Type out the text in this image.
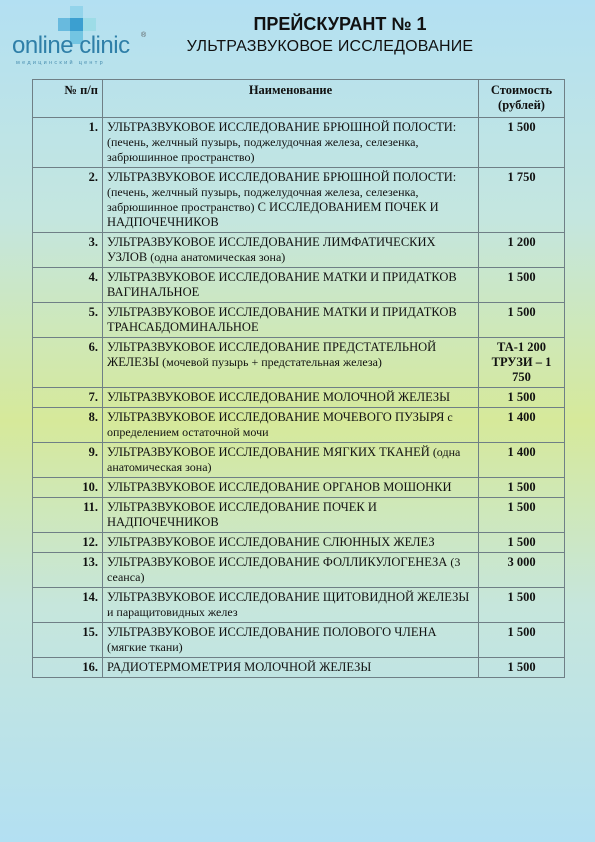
online clinic ®
медицинский центр
ПРЕЙСКУРАНТ № 1
УЛЬТРАЗВУКОВОЕ ИССЛЕДОВАНИЕ
№ п/п	Наименование	Стоимость (рублей)
1.	УЛЬТРАЗВУКОВОЕ ИССЛЕДОВАНИЕ БРЮШНОЙ ПОЛОСТИ:(печень, желчный пузырь, поджелудочная железа, селезенка, забрюшинное пространство)	1 500
2.	УЛЬТРАЗВУКОВОЕ ИССЛЕДОВАНИЕ БРЮШНОЙ ПОЛОСТИ:(печень, желчный пузырь, поджелудочная железа, селезенка, забрюшинное пространство) С ИССЛЕДОВАНИЕМ ПОЧЕК И НАДПОЧЕЧНИКОВ	1 750
3.	УЛЬТРАЗВУКОВОЕ ИССЛЕДОВАНИЕ ЛИМФАТИЧЕСКИХ УЗЛОВ (одна анатомическая зона)	1 200
4.	УЛЬТРАЗВУКОВОЕ ИССЛЕДОВАНИЕ МАТКИ И ПРИДАТКОВ ВАГИНАЛЬНОЕ	1 500
5.	УЛЬТРАЗВУКОВОЕ ИССЛЕДОВАНИЕ МАТКИ И ПРИДАТКОВ ТРАНСАБДОМИНАЛЬНОЕ	1 500
6.	УЛЬТРАЗВУКОВОЕ ИССЛЕДОВАНИЕ ПРЕДСТАТЕЛЬНОЙ ЖЕЛЕЗЫ (мочевой пузырь + предстательная железа)	ТА-1 200 ТРУЗИ – 1 750
7.	УЛЬТРАЗВУКОВОЕ ИССЛЕДОВАНИЕ МОЛОЧНОЙ ЖЕЛЕЗЫ	1 500
8.	УЛЬТРАЗВУКОВОЕ ИССЛЕДОВАНИЕ МОЧЕВОГО ПУЗЫРЯ с определением остаточной мочи	1 400
9.	УЛЬТРАЗВУКОВОЕ ИССЛЕДОВАНИЕ МЯГКИХ ТКАНЕЙ (одна анатомическая зона)	1 400
10.	УЛЬТРАЗВУКОВОЕ ИССЛЕДОВАНИЕ ОРГАНОВ МОШОНКИ	1 500
11.	УЛЬТРАЗВУКОВОЕ ИССЛЕДОВАНИЕ ПОЧЕК И НАДПОЧЕЧНИКОВ	1 500
12.	УЛЬТРАЗВУКОВОЕ ИССЛЕДОВАНИЕ СЛЮННЫХ ЖЕЛЕЗ	1 500
13.	УЛЬТРАЗВУКОВОЕ ИССЛЕДОВАНИЕ ФОЛЛИКУЛОГЕНЕЗА (3 сеанса)	3 000
14.	УЛЬТРАЗВУКОВОЕ ИССЛЕДОВАНИЕ ЩИТОВИДНОЙ ЖЕЛЕЗЫ и паращитовидных желез	1 500
15.	УЛЬТРАЗВУКОВОЕ ИССЛЕДОВАНИЕ ПОЛОВОГО ЧЛЕНА (мягкие ткани)	1 500
16.	РАДИОТЕРМОМЕТРИЯ МОЛОЧНОЙ ЖЕЛЕЗЫ	1 500
